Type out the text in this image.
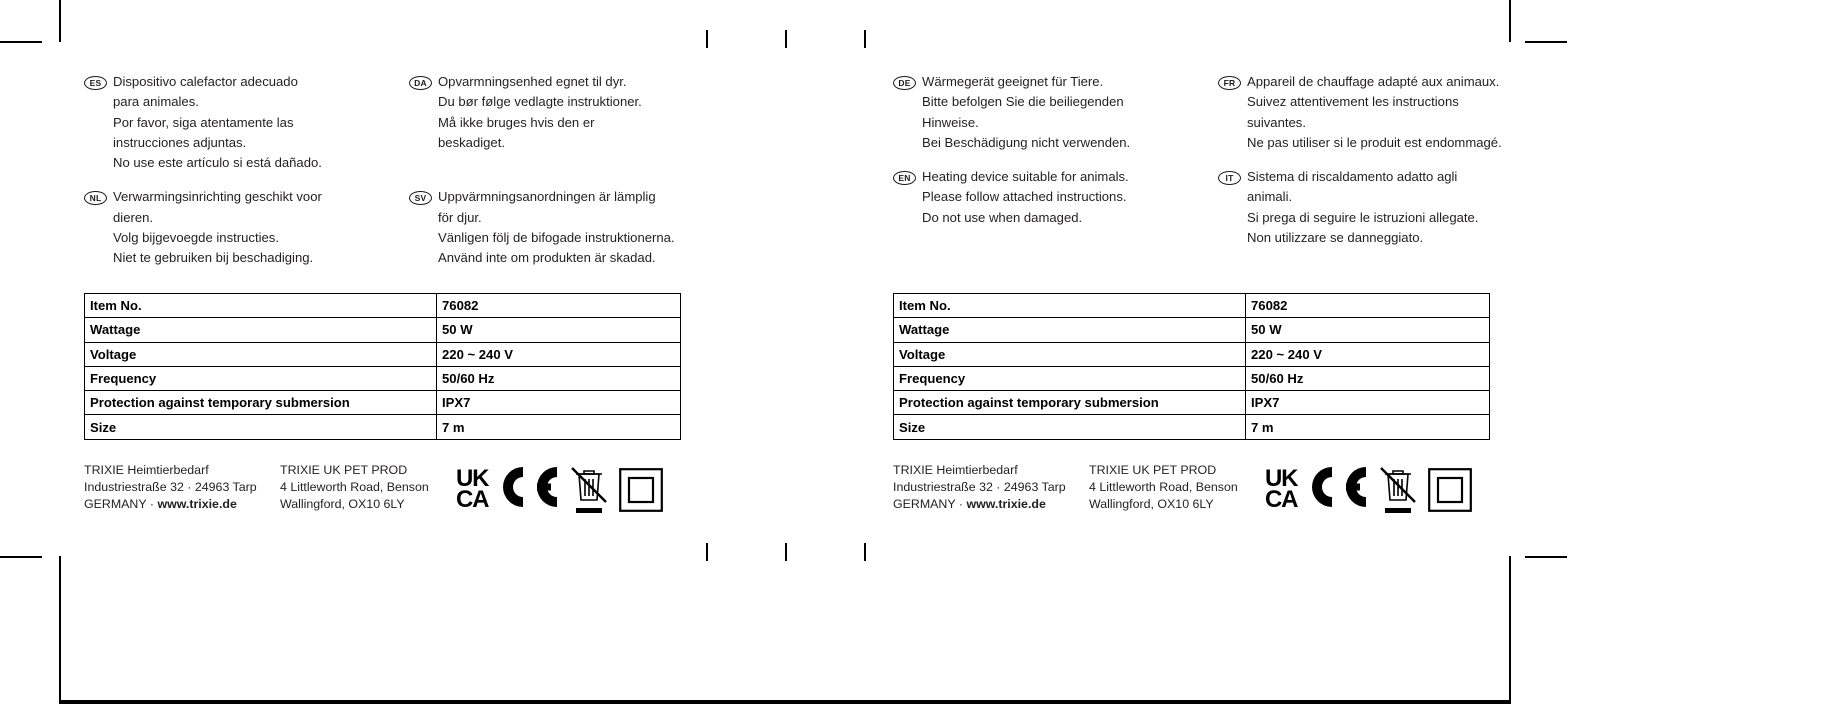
ES Dispositivo calefactor adecuado
para animales.
Por favor, siga atentamente las
instrucciones adjuntas.
No use este artículo si está dañado.
DA Opvarmningsenhed egnet til dyr.
Du bør følge vedlagte instruktioner.
Må ikke bruges hvis den er
beskadiget.
NL Verwarmingsinrichting geschikt voor
dieren.
Volg bijgevoegde instructies.
Niet te gebruiken bij beschadiging.
SV Uppvärmningsanordningen är lämplig
för djur.
Vänligen följ de bifogade instruktionerna.
Använd inte om produkten är skadad.
Item No.	76082
Wattage	50 W
Voltage	220 ~ 240 V
Frequency	50/60 Hz
Protection against temporary submersion	IPX7
Size	7 m
TRIXIE Heimtierbedarf
Industriestraße 32 · 24963 Tarp
GERMANY · www.trixie.de
TRIXIE UK PET PROD
4 Littleworth Road, Benson
Wallingford, OX10 6LY
UK
CA
DE Wärmegerät geeignet für Tiere.
Bitte befolgen Sie die beiliegenden
Hinweise.
Bei Beschädigung nicht verwenden.
FR Appareil de chauffage adapté aux animaux.
Suivez attentivement les instructions
suivantes.
Ne pas utiliser si le produit est endommagé.
EN Heating device suitable for animals.
Please follow attached instructions.
Do not use when damaged.
IT	Sistema di riscaldamento adatto agli
animali.
Si prega di seguire le istruzioni allegate.
Non utilizzare se danneggiato.
Item No.	76082
Wattage	50 W
Voltage	220 ~ 240 V
Frequency	50/60 Hz
Protection against temporary submersion	IPX7
Size	7 m
TRIXIE Heimtierbedarf
Industriestraße 32 · 24963 Tarp
GERMANY · www.trixie.de
TRIXIE UK PET PROD
4 Littleworth Road, Benson
Wallingford, OX10 6LY
UK
CA
